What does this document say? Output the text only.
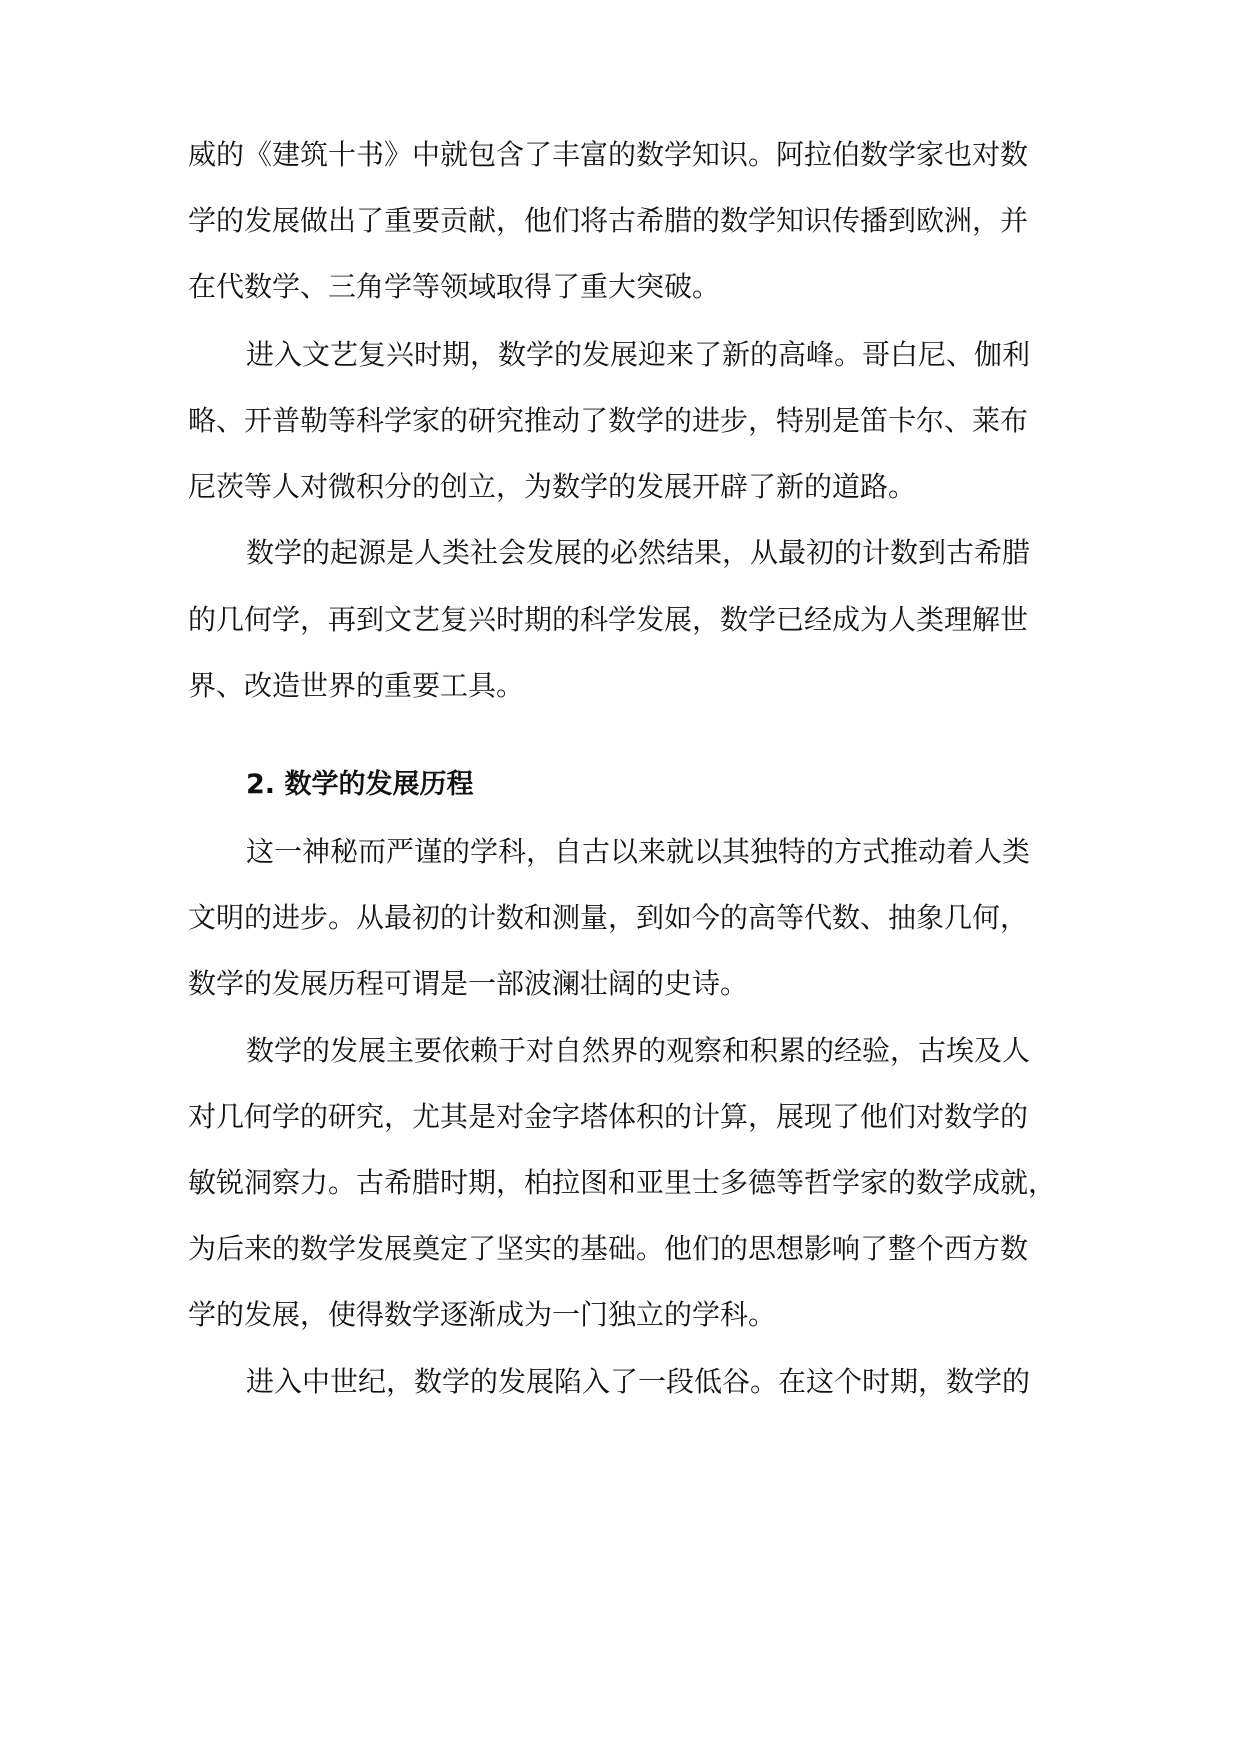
威的《建筑十书》中就包含了丰富的数学知识。阿拉伯数学家也对数
学的发展做出了重要贡献，他们将古希腊的数学知识传播到欧洲，并
在代数学、三角学等领域取得了重大突破。
进入文艺复兴时期，数学的发展迎来了新的高峰。哥白尼、伽利
略、开普勒等科学家的研究推动了数学的进步，特别是笛卡尔、莱布
尼茨等人对微积分的创立，为数学的发展开辟了新的道路。
数学的起源是人类社会发展的必然结果，从最初的计数到古希腊
的几何学，再到文艺复兴时期的科学发展，数学已经成为人类理解世
界、改造世界的重要工具。
2. 数学的发展历程
这一神秘而严谨的学科，自古以来就以其独特的方式推动着人类
文明的进步。从最初的计数和测量，到如今的高等代数、抽象几何，
数学的发展历程可谓是一部波澜壮阔的史诗。
数学的发展主要依赖于对自然界的观察和积累的经验，古埃及人
对几何学的研究，尤其是对金字塔体积的计算，展现了他们对数学的
敏锐洞察力。古希腊时期，柏拉图和亚里士多德等哲学家的数学成就，
为后来的数学发展奠定了坚实的基础。他们的思想影响了整个西方数
学的发展，使得数学逐渐成为一门独立的学科。
进入中世纪，数学的发展陷入了一段低谷。在这个时期，数学的
